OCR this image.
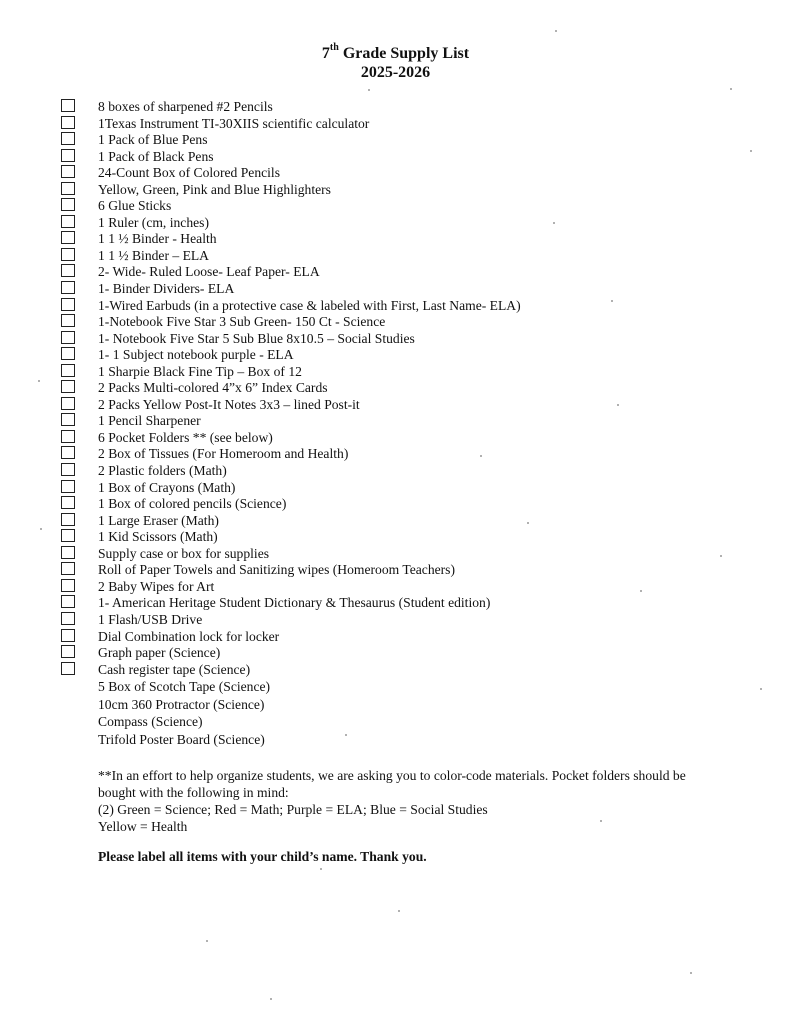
7th Grade Supply List
2025-2026
8 boxes of sharpened #2 Pencils
1Texas Instrument TI-30XIIS scientific calculator
1 Pack of Blue Pens
1 Pack of Black Pens
24-Count Box of Colored Pencils
Yellow, Green, Pink and Blue Highlighters
6 Glue Sticks
1 Ruler (cm, inches)
1 1 ½ Binder - Health
1 1 ½ Binder – ELA
2- Wide- Ruled Loose- Leaf Paper- ELA
1- Binder Dividers- ELA
1-Wired Earbuds (in a protective case & labeled with First, Last Name- ELA)
1-Notebook Five Star 3 Sub Green- 150 Ct - Science
1- Notebook Five Star 5 Sub Blue 8x10.5 – Social Studies
1- 1 Subject notebook purple - ELA
1 Sharpie Black Fine Tip – Box of 12
2 Packs Multi-colored 4”x 6” Index Cards
2 Packs Yellow Post-It Notes 3x3 – lined Post-it
1 Pencil Sharpener
6 Pocket Folders ** (see below)
2 Box of Tissues (For Homeroom and Health)
2 Plastic folders (Math)
1 Box of Crayons (Math)
1 Box of colored pencils (Science)
1 Large Eraser (Math)
1 Kid Scissors (Math)
Supply case or box for supplies
Roll of Paper Towels and Sanitizing wipes (Homeroom Teachers)
2 Baby Wipes for Art
1- American Heritage Student Dictionary & Thesaurus (Student edition)
1 Flash/USB Drive
Dial Combination lock for locker
Graph paper (Science)
Cash register tape (Science)
5 Box of Scotch Tape (Science)
10cm 360 Protractor (Science)
Compass (Science)
Trifold Poster Board (Science)
**In an effort to help organize students, we are asking you to color-code materials. Pocket folders should be
bought with the following in mind:
(2) Green = Science; Red = Math; Purple = ELA; Blue = Social Studies
Yellow = Health
Please label all items with your child’s name. Thank you.
